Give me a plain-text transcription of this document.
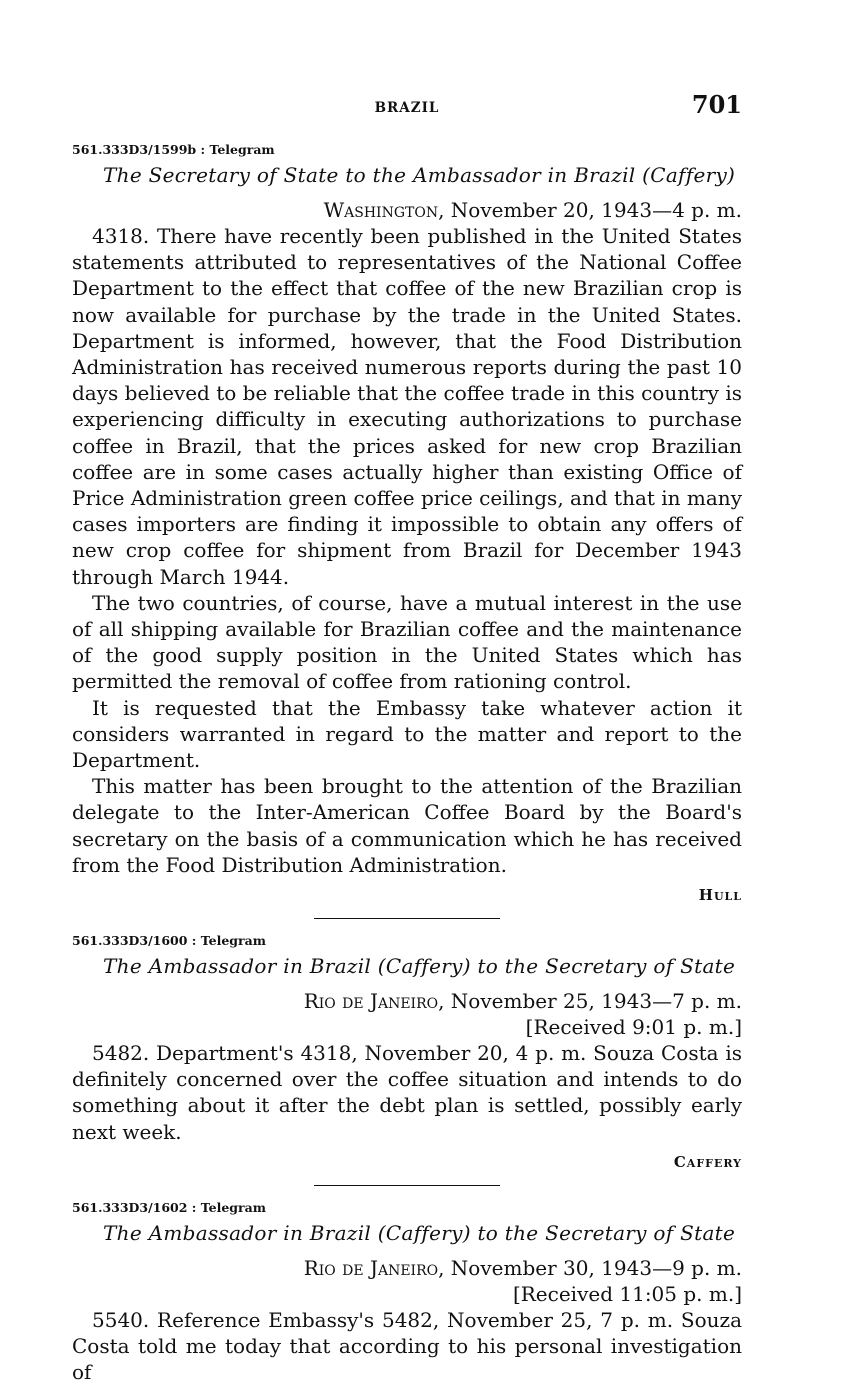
BRAZIL	701
561.333D3/1599b : Telegram
The Secretary of State to the Ambassador in Brazil (Caffery)
Washington, November 20, 1943—4 p. m.

4318. There have recently been published in the United States statements attributed to representatives of the National Coffee Department to the effect that coffee of the new Brazilian crop is now available for purchase by the trade in the United States. Department is informed, however, that the Food Distribution Administration has received numerous reports during the past 10 days believed to be reliable that the coffee trade in this country is experiencing difficulty in executing authorizations to purchase coffee in Brazil, that the prices asked for new crop Brazilian coffee are in some cases actually higher than existing Office of Price Administration green coffee price ceilings, and that in many cases importers are finding it impossible to obtain any offers of new crop coffee for shipment from Brazil for December 1943 through March 1944.

The two countries, of course, have a mutual interest in the use of all shipping available for Brazilian coffee and the maintenance of the good supply position in the United States which has permitted the removal of coffee from rationing control.

It is requested that the Embassy take whatever action it considers warranted in regard to the matter and report to the Department.

This matter has been brought to the attention of the Brazilian delegate to the Inter-American Coffee Board by the Board's secretary on the basis of a communication which he has received from the Food Distribution Administration.

Hull
561.333D3/1600 : Telegram
The Ambassador in Brazil (Caffery) to the Secretary of State
Rio de Janeiro, November 25, 1943—7 p. m.
[Received 9:01 p. m.]

5482. Department's 4318, November 20, 4 p. m. Souza Costa is definitely concerned over the coffee situation and intends to do something about it after the debt plan is settled, possibly early next week.

Caffery
561.333D3/1602 : Telegram
The Ambassador in Brazil (Caffery) to the Secretary of State
Rio de Janeiro, November 30, 1943—9 p. m.
[Received 11:05 p. m.]

5540. Reference Embassy's 5482, November 25, 7 p. m. Souza Costa told me today that according to his personal investigation of
